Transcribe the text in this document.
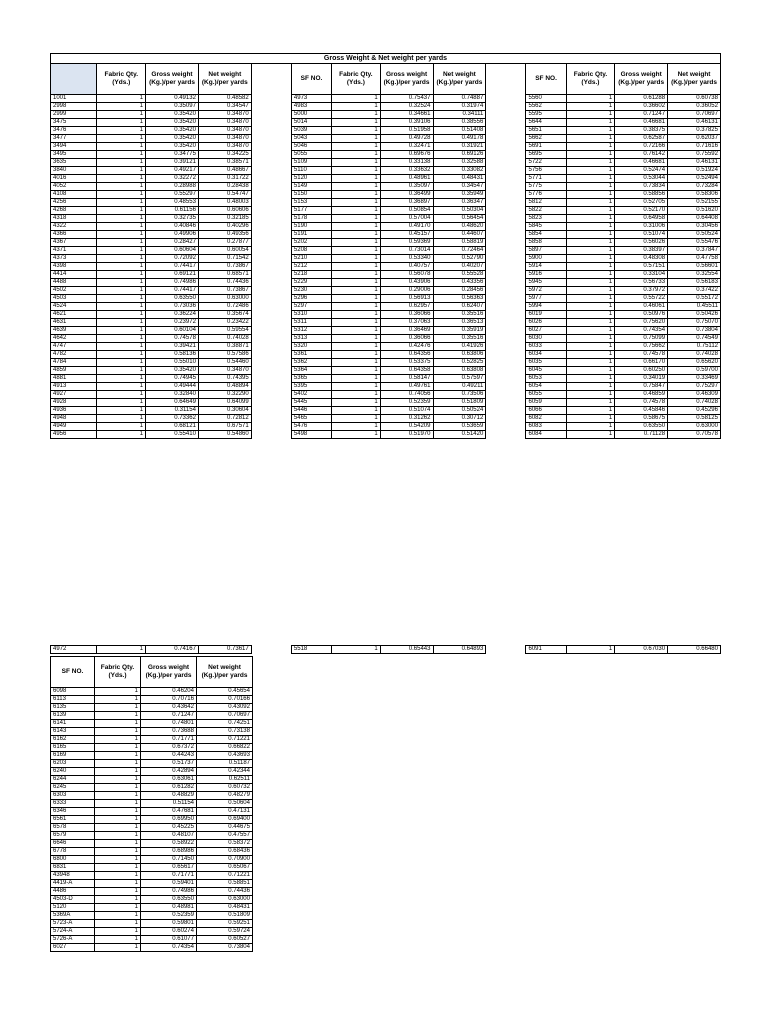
Gross Weight & Net weight per yards													
	Fabric Qty. (Yds.)	Gross weight (Kg.)/per yards	Net weight (Kg.)/per yards		SF NO.	Fabric Qty. (Yds.)	Gross weight (Kg.)/per yards	Net weight (Kg.)/per yards		SF NO.	Fabric Qty. (Yds.)	Gross weight (Kg.)/per yards	Net weight (Kg.)/per yards
1001	1	0.49132	0.48582		4973	1	0.75437	0.74887		5560	1	0.61288	0.60738
2998	1	0.35097	0.34547		4983	1	0.32524	0.31974		5562	1	0.36602	0.36052
2999	1	0.35420	0.34870		5000	1	0.34661	0.34111		5595	1	0.71247	0.70697
3475	1	0.35420	0.34870		5014	1	0.39106	0.38556		5644	1	0.46681	0.46131
3476	1	0.35420	0.34870		5039	1	0.51958	0.51408		5651	1	0.38375	0.37825
3477	1	0.35420	0.34870		5043	1	0.49728	0.49178		5662	1	0.62587	0.62037
3494	1	0.35420	0.34870		5046	1	0.32471	0.31921		5691	1	0.72166	0.71616
3495	1	0.34775	0.34225		5055	1	0.69676	0.69126		5695	1	0.76142	0.75592
3635	1	0.39121	0.38571		5109	1	0.33138	0.32588		5722	1	0.46681	0.46131
3840	1	0.49217	0.48667		5110	1	0.33632	0.33082		5756	1	0.52474	0.51924
4016	1	0.32272	0.31722		5120	1	0.48961	0.48431		5771	1	0.53044	0.52494
4052	1	0.28988	0.28438		5149	1	0.35097	0.34547		5775	1	0.73834	0.73284
4108	1	0.55297	0.54747		5150	1	0.36499	0.35949		5776	1	0.58856	0.58306
4256	1	0.48553	0.48003		5153	1	0.36897	0.36347		5812	1	0.52705	0.52155
4268	1	0.61156	0.60606		5177	1	0.50854	0.50304		5822	1	0.52170	0.51620
4318	1	0.32735	0.32185		5178	1	0.57004	0.56454		5823	1	0.64958	0.64408
4322	1	0.40846	0.40296		5190	1	0.49170	0.48620		5845	1	0.31006	0.30456
4366	1	0.49906	0.49356		5191	1	0.45157	0.44607		5854	1	0.51074	0.50524
4367	1	0.28427	0.27877		5202	1	0.59369	0.58819		5858	1	0.56026	0.55476
4371	1	0.60604	0.60054		5208	1	0.73014	0.72464		5897	1	0.38397	0.37847
4373	1	0.72092	0.71542		5210	1	0.53340	0.52790		5900	1	0.48308	0.47758
4398	1	0.74417	0.73867		5212	1	0.40757	0.40207		5914	1	0.57151	0.56601
4414	1	0.69121	0.68571		5218	1	0.56078	0.55528		5916	1	0.33104	0.32554
4488	1	0.74986	0.74436		5229	1	0.43906	0.43356		5945	1	0.56733	0.56183
4502	1	0.74417	0.73867		5230	1	0.29006	0.28456		5972	1	0.37972	0.37422
4503	1	0.63550	0.63000		5296	1	0.56913	0.56363		5977	1	0.55722	0.55172
4524	1	0.73036	0.72486		5297	1	0.62957	0.62407		5994	1	0.46061	0.45511
4621	1	0.36224	0.35674		5310	1	0.36066	0.35516		6019	1	0.50976	0.50426
4631	1	0.23972	0.23422		5311	1	0.37063	0.36513		6026	1	0.75620	0.75070
4639	1	0.60104	0.59554		5312	1	0.36469	0.35919		6027	1	0.74354	0.73804
4642	1	0.74578	0.74028		5313	1	0.36066	0.35516		6030	1	0.75099	0.74549
4747	1	0.39421	0.38871		5320	1	0.42476	0.41926		6033	1	0.75662	0.75112
4782	1	0.58136	0.57586		5361	1	0.64356	0.63806		6034	1	0.74578	0.74028
4784	1	0.55010	0.54460		5362	1	0.53375	0.52825		6035	1	0.66170	0.65620
4859	1	0.35420	0.34870		5364	1	0.64358	0.63808		6045	1	0.60250	0.59700
4881	1	0.74945	0.74395		5365	1	0.58147	0.57597		6053	1	0.34019	0.33469
4913	1	0.49444	0.48894		5395	1	0.49761	0.49211		6054	1	0.75847	0.75297
4927	1	0.32840	0.32290		5402	1	0.74056	0.73506		6055	1	0.46859	0.46309
4928	1	0.64649	0.64099		5445	1	0.52359	0.51809		6059	1	0.74578	0.74028
4936	1	0.31154	0.30604		5446	1	0.51074	0.50524		6066	1	0.45846	0.45296
4948	1	0.73362	0.72812		5465	1	0.31262	0.30712		6082	1	0.58675	0.58125
4949	1	0.68121	0.67571		5476	1	0.54209	0.53659		6083	1	0.63550	0.63000
4956	1	0.55410	0.54860		5498	1	0.51970	0.51420		6084	1	0.71128	0.70578
4972	1	0.74167	0.73617		5518	1	0.65443	0.64893		6091	1	0.67030	0.66480
SF NO.	Fabric Qty. (Yds.)	Gross weight (Kg.)/per yards	Net weight (Kg.)/per yards
6098	1	0.46204	0.45654
6113	1	0.70716	0.70166
6135	1	0.43642	0.43092
6139	1	0.71247	0.70697
6141	1	0.74801	0.74251
6143	1	0.73688	0.73138
6162	1	0.71771	0.71221
6165	1	0.67372	0.66822
6169	1	0.44243	0.43693
6203	1	0.51737	0.51187
6240	1	0.42894	0.42344
6244	1	0.63061	0.62511
6245	1	0.61282	0.60732
6303	1	0.48829	0.48279
6333	1	0.51154	0.50604
6346	1	0.47681	0.47131
6561	1	0.69950	0.69400
6578	1	0.45225	0.44675
6579	1	0.48107	0.47557
6646	1	0.58922	0.58372
6778	1	0.68986	0.68436
6800	1	0.71450	0.70900
6831	1	0.65617	0.65067
43948	1	0.71771	0.71221
4419-A	1	0.59401	0.58851
4486	1	0.74986	0.74436
4503-D	1	0.63550	0.63000
5120	1	0.48981	0.48431
5369A	1	0.52359	0.51809
5723-A	1	0.59801	0.59251
5724-A	1	0.60274	0.59724
5726-A	1	0.61077	0.60527
6027	1	0.74354	0.73804
